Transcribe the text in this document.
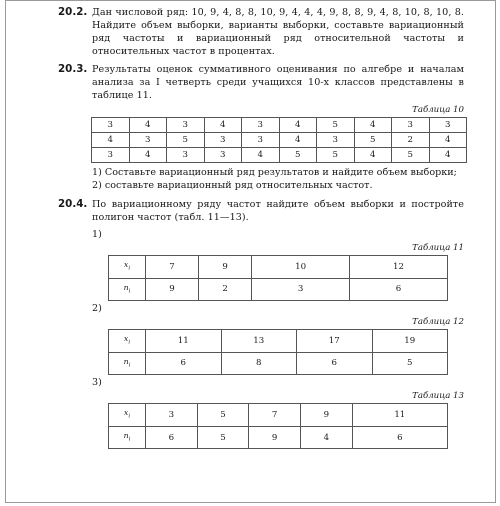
20.2. Дан числовой ряд: 10, 9, 4, 8, 8, 10, 9, 4, 4, 4, 9, 8, 8, 9, 4, 8, 10, 8, 10, 8. Найдите объем выборки, варианты выборки, составьте вариационный ряд частоты и вариационный ряд относительной частоты и относительных частот в процентах.
20.3. Результаты оценок суммативного оценивания по алгебре и началам анализа за I четверть среди учащихся 10-х классов представлены в таблице 11.
Таблица 10
3	4	3	4	3	4	5	4	3	3
4	3	5	3	3	4	3	5	2	4
3	4	3	3	4	5	5	4	5	4
1) Составьте вариационный ряд результатов и найдите объем выборки;
2) составьте вариационный ряд относительных частот.
20.4. По вариационному ряду частот найдите объем выборки и постройте полигон частот (табл. 11—13).
1)
Таблица 11
$x_i$	7	9	10	12
$n_i$	9	2	3	6
2)
Таблица 12
$x_i$	11	13	17	19
$n_i$	6	8	6	5
3)
Таблица 13
$x_i$	3	5	7	9	11
$n_i$	6	5	9	4	6
